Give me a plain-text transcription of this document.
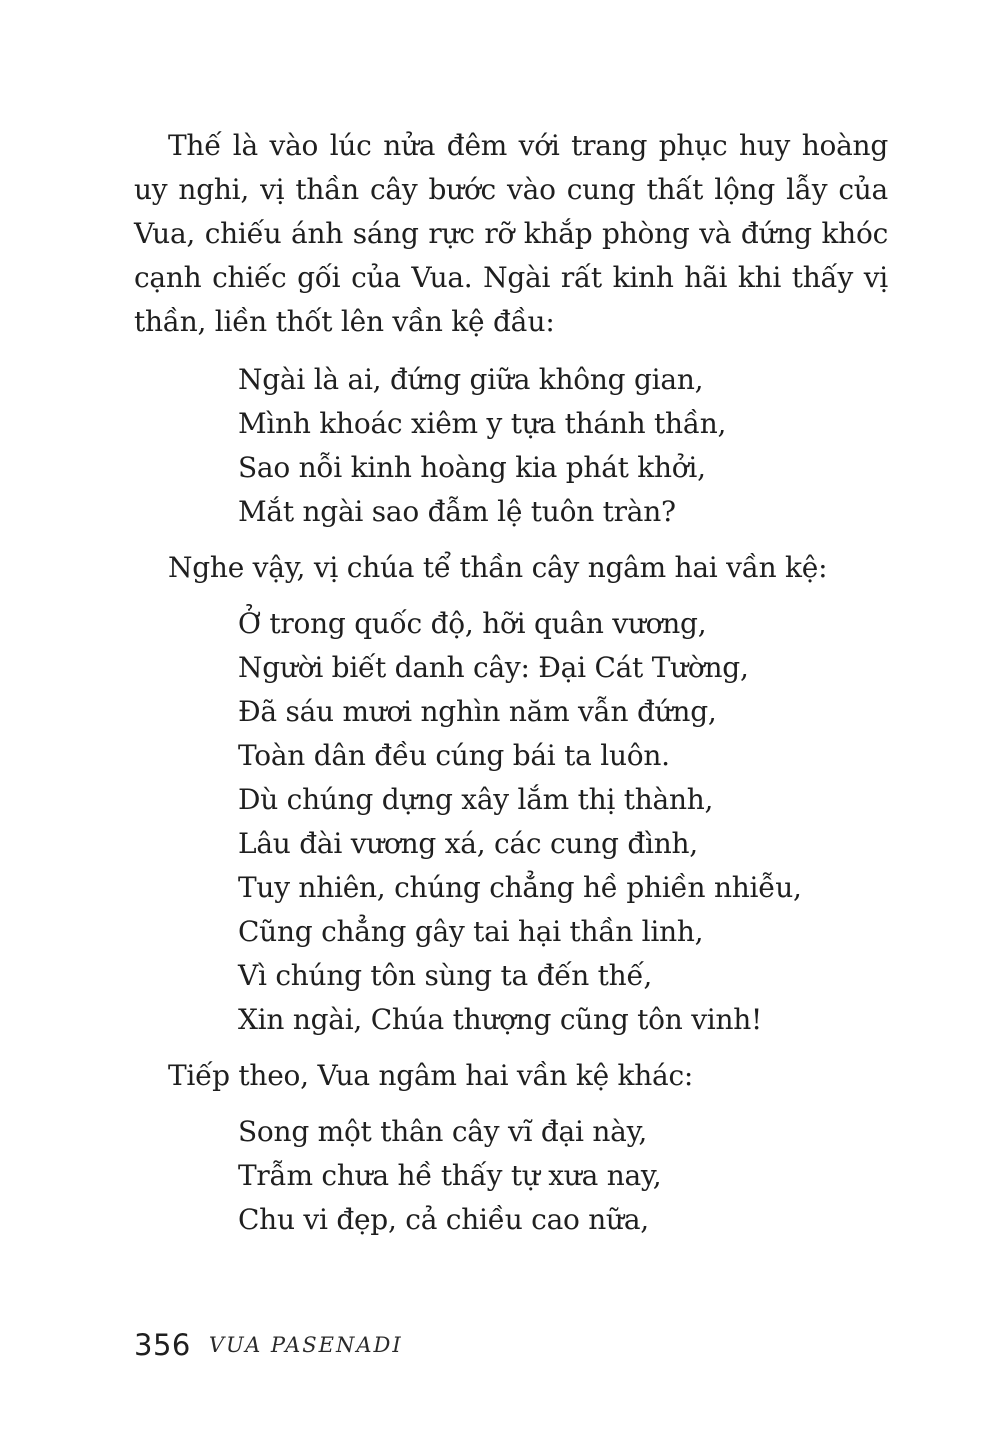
Thế là vào lúc nửa đêm với trang phục huy hoàng uy nghi, vị thần cây bước vào cung thất lộng lẫy của Vua, chiếu ánh sáng rực rỡ khắp phòng và đứng khóc cạnh chiếc gối của Vua. Ngài rất kinh hãi khi thấy vị thần, liền thốt lên vần kệ đầu:

Ngài là ai, đứng giữa không gian,
Mình khoác xiêm y tựa thánh thần,
Sao nỗi kinh hoàng kia phát khởi,
Mắt ngài sao đẫm lệ tuôn tràn?

Nghe vậy, vị chúa tể thần cây ngâm hai vần kệ:

Ở trong quốc độ, hỡi quân vương,
Người biết danh cây: Đại Cát Tường,
Đã sáu mươi nghìn năm vẫn đứng,
Toàn dân đều cúng bái ta luôn.
Dù chúng dựng xây lắm thị thành,
Lâu đài vương xá, các cung đình,
Tuy nhiên, chúng chẳng hề phiền nhiễu,
Cũng chẳng gây tai hại thần linh,
Vì chúng tôn sùng ta đến thế,
Xin ngài, Chúa thượng cũng tôn vinh!

Tiếp theo, Vua ngâm hai vần kệ khác:

Song một thân cây vĩ đại này,
Trẫm chưa hề thấy tự xưa nay,
Chu vi đẹp, cả chiều cao nữa,
356 VUA PASENADI
